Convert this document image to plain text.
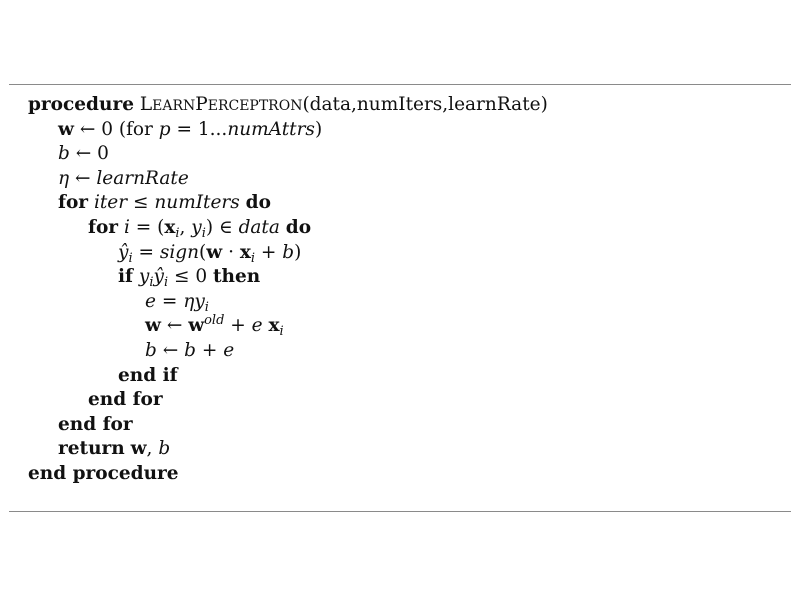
procedure LEARNPERCEPTRON(data,numIters,learnRate)
w ← 0 (for p = 1...numAttrs)
b ← 0
η ← learnRate
for iter ≤ numIters do
for $i = (x_i$, $y_i$) ∈ data do
$ŷ_i$ = sign(w · $x_i + b$)
if $y_iŷ_i \le 0$ then
$e = \eta y_i$
w ← $w^{old} + e$ $x_i$
b ← b + e
end if
end for
end for
return w, b
end procedure
